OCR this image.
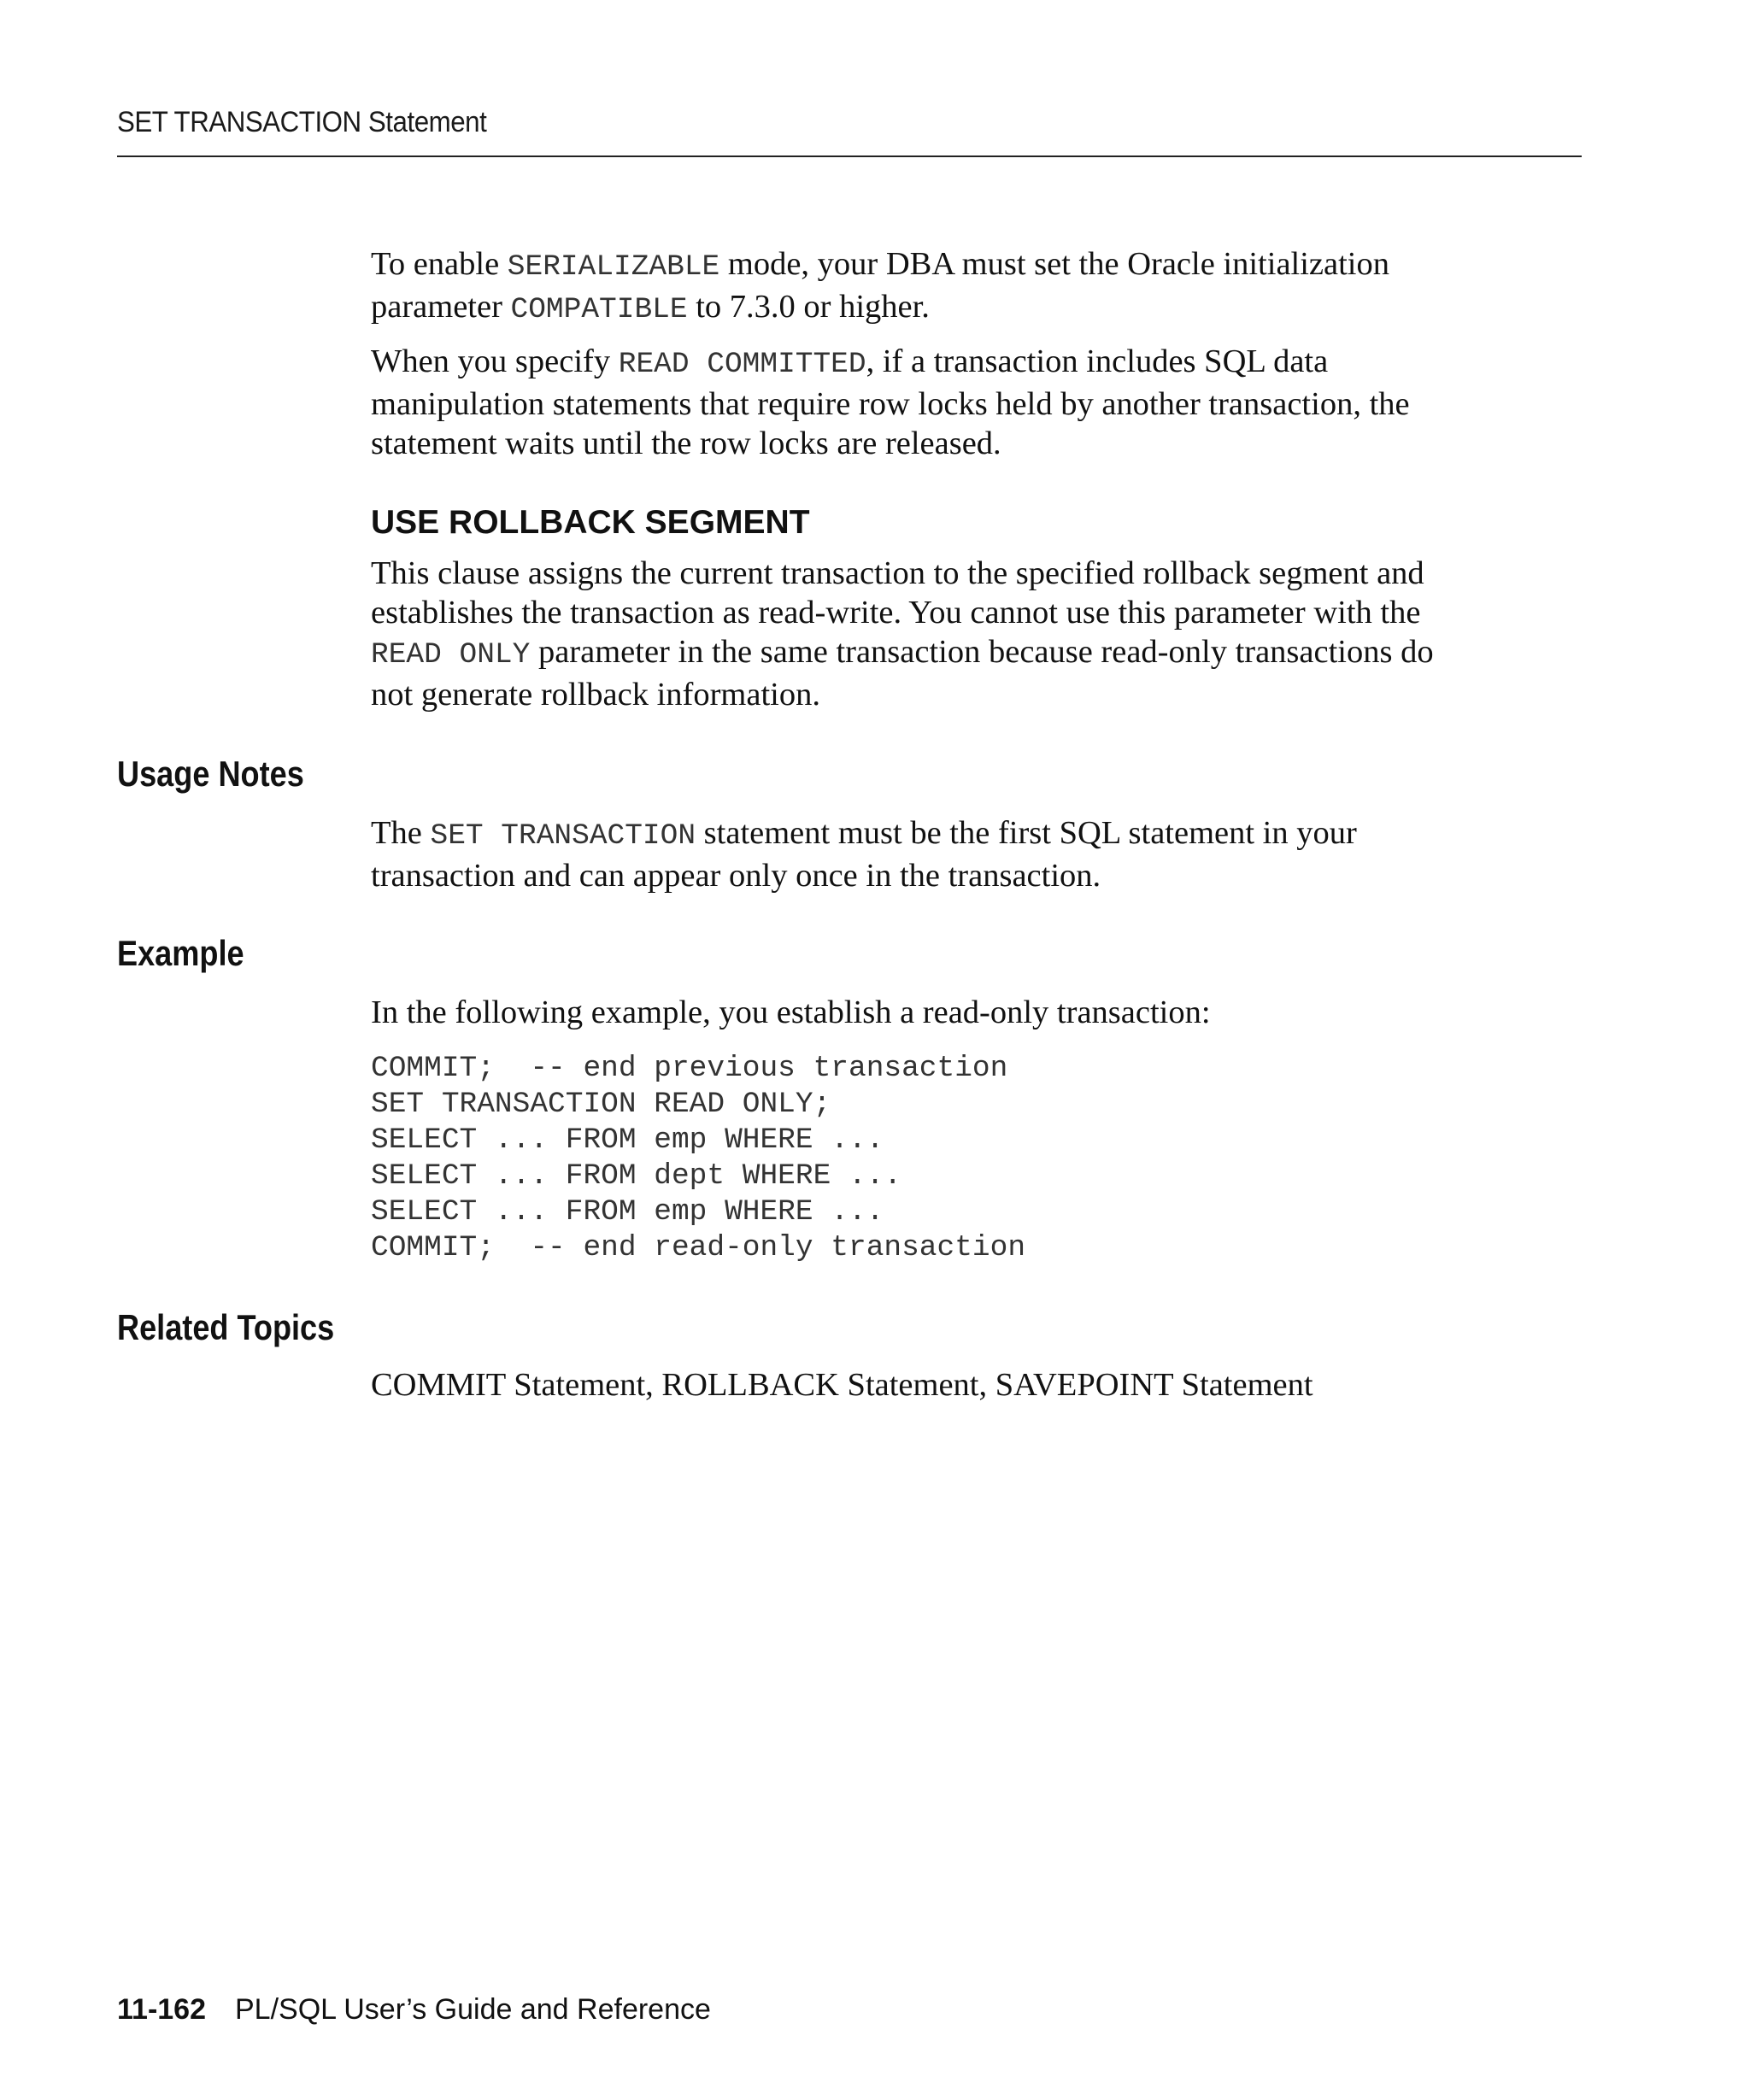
SET TRANSACTION Statement

To enable SERIALIZABLE mode, your DBA must set the Oracle initialization
parameter COMPATIBLE to 7.3.0 or higher.

When you specify READ COMMITTED, if a transaction includes SQL data
manipulation statements that require row locks held by another transaction, the
statement waits until the row locks are released.

USE ROLLBACK SEGMENT

This clause assigns the current transaction to the specified rollback segment and
establishes the transaction as read-write. You cannot use this parameter with the
READ ONLY parameter in the same transaction because read-only transactions do
not generate rollback information.

Usage Notes

The SET TRANSACTION statement must be the first SQL statement in your
transaction and can appear only once in the transaction.

Example

In the following example, you establish a read-only transaction:

COMMIT;  -- end previous transaction
SET TRANSACTION READ ONLY;
SELECT ... FROM emp WHERE ...
SELECT ... FROM dept WHERE ...
SELECT ... FROM emp WHERE ...
COMMIT;  -- end read-only transaction
Related Topics

COMMIT Statement, ROLLBACK Statement, SAVEPOINT Statement

11-162 PL/SQL User’s Guide and Reference
